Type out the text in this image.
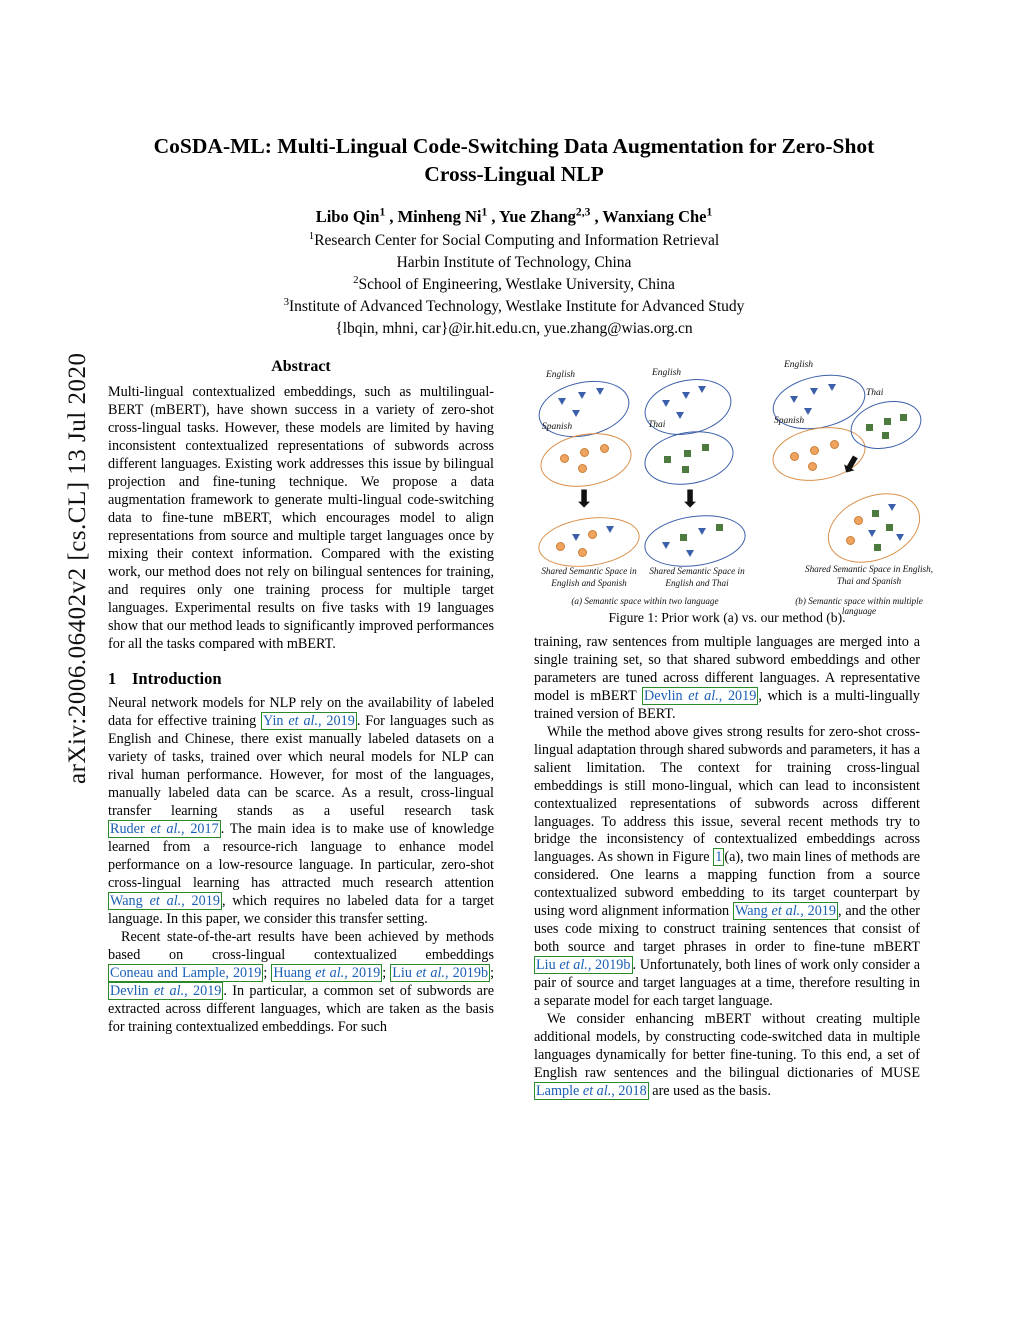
arXiv:2006.06402v2 [cs.CL] 13 Jul 2020
CoSDA-ML: Multi-Lingual Code-Switching Data Augmentation for Zero-Shot Cross-Lingual NLP
Libo Qin$^1$ , Minheng Ni$^1$ , Yue Zhang$^{2,3}$ , Wanxiang Che$^1$
$^1$Research Center for Social Computing and Information Retrieval
Harbin Institute of Technology, China
$^2$School of Engineering, Westlake University, China
$^3$Institute of Advanced Technology, Westlake Institute for Advanced Study
{lbqin, mhni, car}@ir.hit.edu.cn, yue.zhang@wias.org.cn
Abstract
Multi-lingual contextualized embeddings, such as multilingual-BERT (mBERT), have shown success in a variety of zero-shot cross-lingual tasks. However, these models are limited by having inconsistent contextualized representations of subwords across different languages. Existing work addresses this issue by bilingual projection and fine-tuning technique. We propose a data augmentation framework to generate multi-lingual code-switching data to fine-tune mBERT, which encourages model to align representations from source and multiple target languages once by mixing their context information. Compared with the existing work, our method does not rely on bilingual sentences for training, and requires only one training process for multiple target languages. Experimental results on five tasks with 19 languages show that our method leads to significantly improved performances for all the tasks compared with mBERT.
1 Introduction

Neural network models for NLP rely on the availability of labeled data for effective training Yin et al., 2019 . For languages such as English and Chinese, there exist manually labeled datasets on a variety of tasks, trained over which neural models for NLP can rival human performance. However, for most of the languages, manually labeled data can be scarce. As a result, cross-lingual transfer learning stands as a useful research task Ruder et al., 2017 . The main idea is to make use of knowledge learned from a resource-rich language to enhance model performance on a low-resource language. In particular, zero-shot cross-lingual learning has attracted much research attention Wang et al., 2019 , which requires no labeled data for a target language. In this paper, we consider this transfer setting.

Recent state-of-the-art results have been achieved by methods based on cross-lingual contextualized embeddings Coneau and Lample, 2019 ; Huang et al., 2019 ; Liu et al., 2019b ; Devlin et al., 2019 . In particular, a common set of subwords are extracted across different languages, which are taken as the basis for training contextualized embeddings. For such

English
Spanish
⬇
Shared Semantic Space in English and Spanish
English
Thai
⬇
Shared Semantic Space in English and Thai
(a) Semantic space within two language
English
Spanish
Thai
⬇
Shared Semantic Space in English, Thai and Spanish
(b) Semantic space within multiple language
Figure 1: Prior work (a) vs. our method (b).

training, raw sentences from multiple languages are merged into a single training set, so that shared subword embeddings and other parameters are tuned across different languages. A representative model is mBERT Devlin et al., 2019 , which is a multi-lingually trained version of BERT.

While the method above gives strong results for zero-shot cross-lingual adaptation through shared subwords and parameters, it has a salient limitation. The context for training cross-lingual embeddings is still mono-lingual, which can lead to inconsistent contextualized representations of subwords across different languages. To address this issue, several recent methods try to bridge the inconsistency of contextualized embeddings across languages. As shown in Figure 1 (a), two main lines of methods are considered. One learns a mapping function from a source contextualized subword embedding to its target counterpart by using word alignment information Wang et al., 2019 , and the other uses code mixing to construct training sentences that consist of both source and target phrases in order to fine-tune mBERT Liu et al., 2019b . Unfortunately, both lines of work only consider a pair of source and target languages at a time, therefore resulting in a separate model for each target language.

We consider enhancing mBERT without creating multiple additional models, by constructing code-switched data in multiple languages dynamically for better fine-tuning. To this end, a set of English raw sentences and the bilingual dictionaries of MUSE Lample et al., 2018 are used as the basis.
